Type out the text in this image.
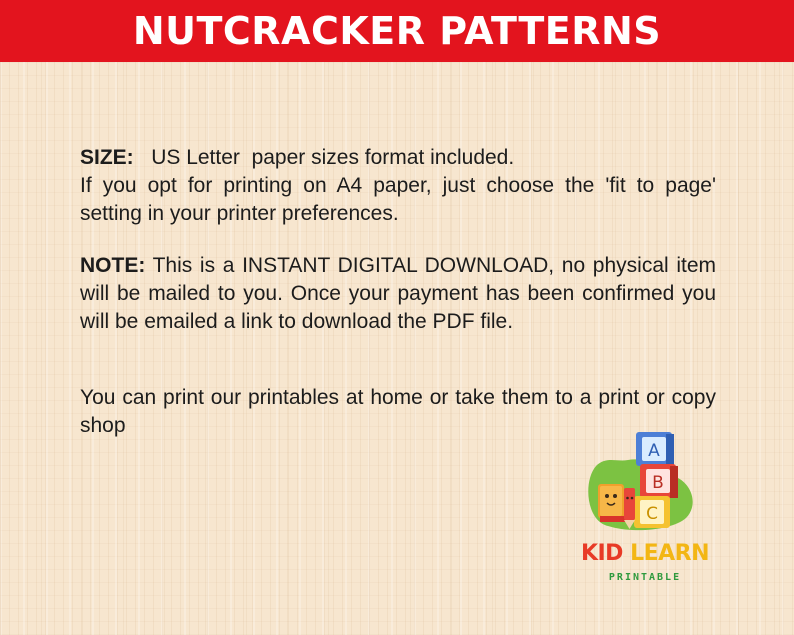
NUTCRACKER PATTERNS

SIZE: US Letter  paper sizes format included.

If you opt for printing on A4 paper, just choose the 'fit to page' setting in your printer preferences.

NOTE: This is a INSTANT DIGITAL DOWNLOAD, no physical item will be mailed to you. Once your payment has been confirmed you will be emailed a link to download the PDF file.

You can print our printables at home or take them to a print or copy shop

A
B
C
KID LEARN
PRINTABLE
